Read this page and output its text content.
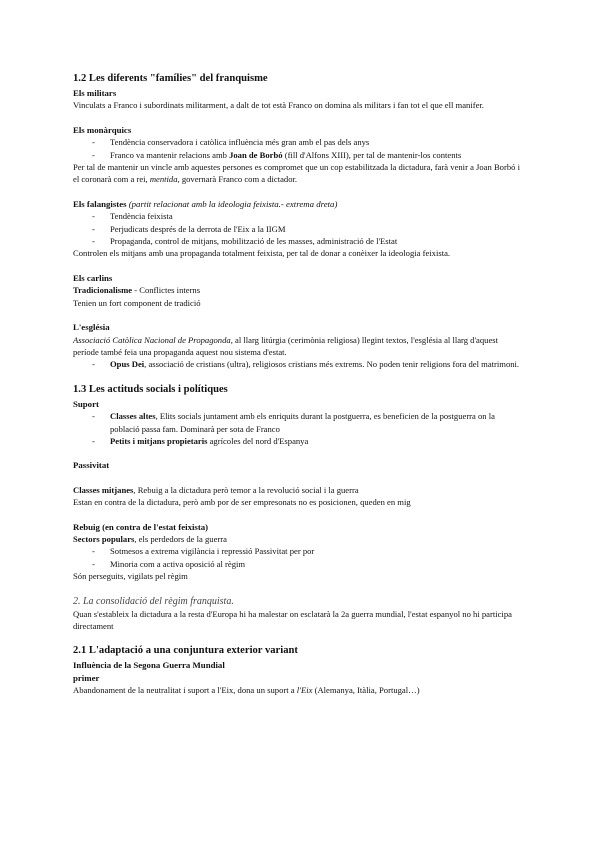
1.2 Les diferents "famílies" del franquisme
Els militars

Vinculats a Franco i subordinats militarment, a dalt de tot està Franco on domina als militars i fan tot el que ell manifer.

Els monàrquics
- Tendència conservadora i catòlica influència més gran amb el pas dels anys
- Franco va mantenir relacions amb Joan de Borbó (fill d'Alfons XIII), per tal de mantenir-los contents

Per tal de mantenir un vincle amb aquestes persones es compromet que un cop estabilitzada la dictadura, farà venir a Joan Borbó i el coronarà com a rei, mentida, governarà Franco com a dictador.

Els falangistes (partit relacionat amb la ideologia feixista.- extrema dreta)
- Tendència feixista
- Perjudicats després de la derrota de l'Eix a la IIGM
- Propaganda, control de mitjans, mobilització de les masses, administració de l'Estat

Controlen els mitjans amb una propaganda totalment feixista, per tal de donar a conèixer la ideologia feixista.

Els carlins

Tradicionalisme - Conflictes interns

Tenien un fort component de tradició

L'església

Associació Catòlica Nacional de Propagonda, al llarg litúrgia (cerimònia religiosa) llegint textos, l'església al llarg d'aquest període també feia una propaganda aquest nou sistema d'estat.

- Opus Dei, associació de cristians (ultra), religiosos cristians més extrems. No poden tenir religions fora del matrimoni.
1.3 Les actituds socials i polítiques
Suport
- Classes altes, Elits socials juntament amb els enriquits durant la postguerra, es beneficien de la postguerra on la població passa fam. Dominarà per sota de Franco
- Petits i mitjans propietaris agrícoles del nord d'Espanya
Passivitat

Classes mitjanes, Rebuig a la dictadura però temor a la revolució social i la guerra

Estan en contra de la dictadura, però amb por de ser empresonats no es posicionen, queden en mig

Rebuig (en contra de l'estat feixista)

Sectors populars, els perdedors de la guerra

- Sotmesos a extrema vigilància i repressió Passivitat per por
- Minoria com a activa oposició al règim

Són perseguits, vigilats pel règim

2. La consolidació del règim franquista.

Quan s'estableix la dictadura a la resta d'Europa hi ha malestar on esclatarà la 2a guerra mundial, l'estat espanyol no hi participa directament

2.1 L'adaptació a una conjuntura exterior variant
Influència de la Segona Guerra Mundial
primer

Abandonament de la neutralitat i suport a l'Eix, dona un suport a l'Eix (Alemanya, Itàlia, Portugal…)
